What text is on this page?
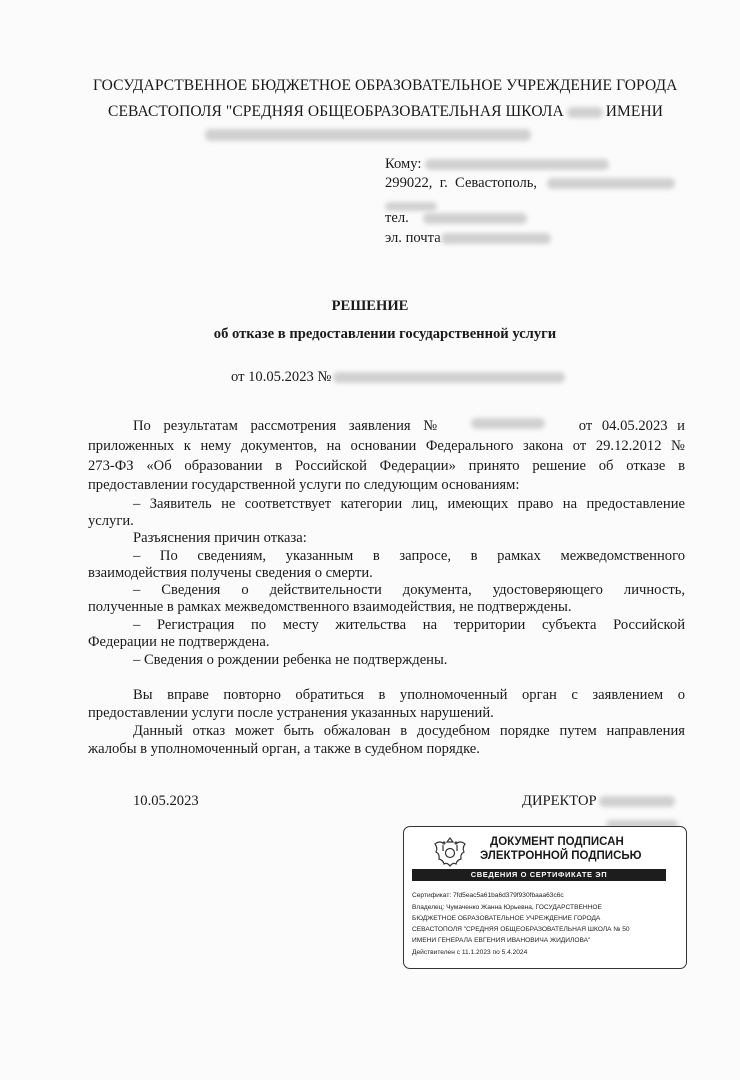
ГОСУДАРСТВЕННОЕ БЮДЖЕТНОЕ ОБРАЗОВАТЕЛЬНОЕ УЧРЕЖДЕНИЕ ГОРОДА
СЕВАСТОПОЛЯ "СРЕДНЯЯ ОБЩЕОБРАЗОВАТЕЛЬНАЯ ШКОЛА	ИМЕНИ
Кому:
299022, г. Севастополь,
тел.
эл. почта
РЕШЕНИЕ
об отказе в предоставлении государственной услуги
от 10.05.2023 №
По результатам рассмотрения заявления №	от 04.05.2023 и
приложенных к нему документов, на основании Федерального закона от 29.12.2012 №
273-ФЗ «Об образовании в Российской Федерации» принято решение об отказе в
предоставлении государственной услуги по следующим основаниям:
– Заявитель не соответствует категории лиц, имеющих право на предоставление
услуги.
Разъяснения причин отказа:
– По сведениям, указанным в запросе, в рамках межведомственного
взаимодействия получены сведения о смерти.
– Сведения о действительности документа, удостоверяющего личность,
полученные в рамках межведомственного взаимодействия, не подтверждены.
– Регистрация по месту жительства на территории субъекта Российской
Федерации не подтверждена.
– Сведения о рождении ребенка не подтверждены.
Вы вправе повторно обратиться в уполномоченный орган с заявлением о
предоставлении услуги после устранения указанных нарушений.
Данный отказ может быть обжалован в досудебном порядке путем направления
жалобы в уполномоченный орган, а также в судебном порядке.
10.05.2023	ДИРЕКТОР
ДОКУМЕНТ ПОДПИСАН
ЭЛЕКТРОННОЙ ПОДПИСЬЮ
СВЕДЕНИЯ О СЕРТИФИКАТЕ ЭП
Сертификат: 7fd5eac5a61ba6d379f930fbaaa63c6c
Владелец: Чумаченко Жанна Юрьевна, ГОСУДАРСТВЕННОЕ
БЮДЖЕТНОЕ ОБРАЗОВАТЕЛЬНОЕ УЧРЕЖДЕНИЕ ГОРОДА
СЕВАСТОПОЛЯ "СРЕДНЯЯ ОБЩЕОБРАЗОВАТЕЛЬНАЯ ШКОЛА № 50
ИМЕНИ ГЕНЕРАЛА ЕВГЕНИЯ ИВАНОВИЧА ЖИДИЛОВА"
Действителен с 11.1.2023 по 5.4.2024
